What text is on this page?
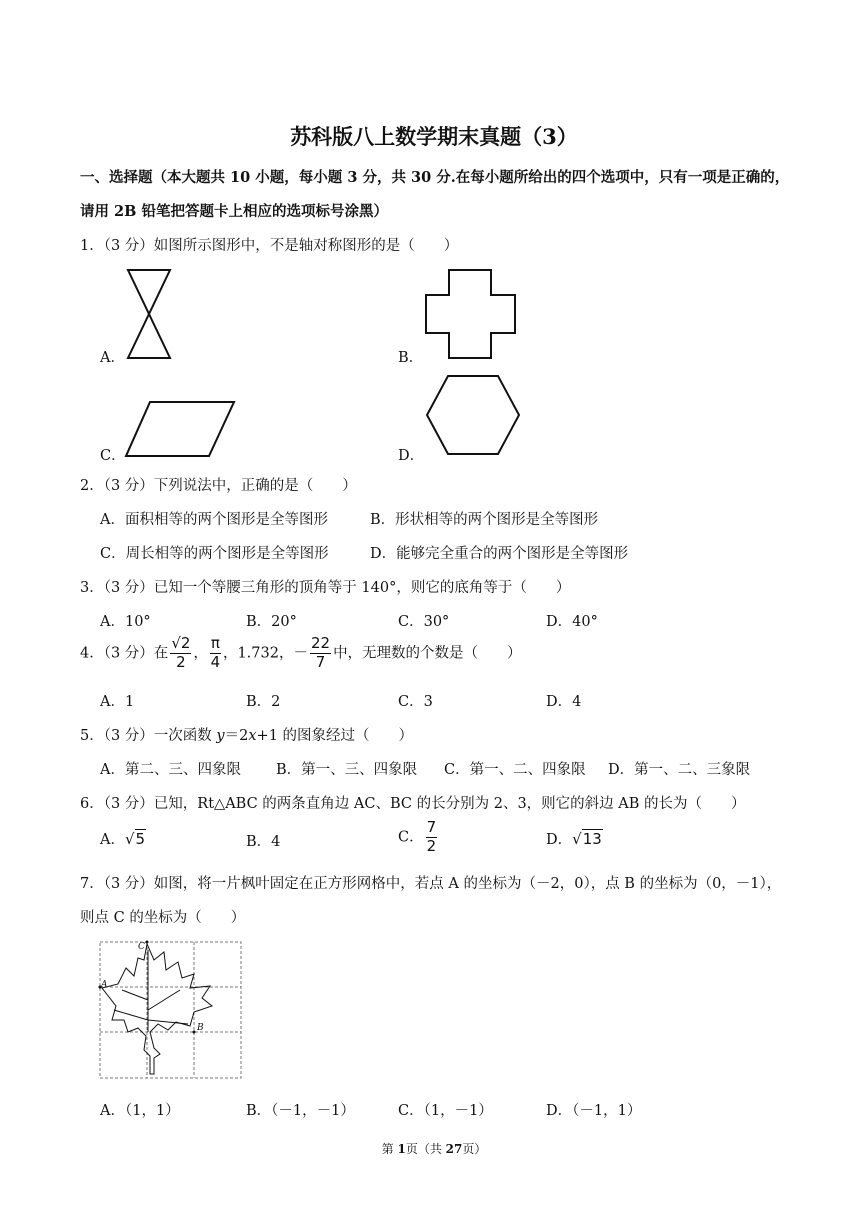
苏科版八上数学期末真题（3）
一、选择题（本大题共 10 小题，每小题 3 分，共 30 分.在每小题所给出的四个选项中，只有一项是正确的，
请用 2B 铅笔把答题卡上相应的选项标号涂黑）
1．（3 分）如图所示图形中，不是轴对称图形的是（　　）
A．	B．
C．	D．
2．（3 分）下列说法中，正确的是（　　）
A．面积相等的两个图形是全等图形	B．形状相等的两个图形是全等图形
C．周长相等的两个图形是全等图形	D．能够完全重合的两个图形是全等图形
3．（3 分）已知一个等腰三角形的顶角等于 140°，则它的底角等于（　　）
A．10°	B．20°	C．30°	D．40°
4．（3 分）在 $\frac{√2}{2}$ ， $\frac{\pi}{4}$ ，1.732，－ $\frac{22}{7}$ 中，无理数的个数是（　　）
A．1	B．2	C．3	D．4
5．（3 分）一次函数 y＝2x+1 的图象经过（　　）
A．第二、三、四象限 B．第一、三、四象限 C．第一、二、四象限 D．第一、二、三象限
6．（3 分）已知，Rt△ABC 的两条直角边 AC、BC 的长分别为 2、3，则它的斜边 AB 的长为（　　）
A．√5	B．4	C． $\frac{7}{2}$	D．√13
7．（3 分）如图，将一片枫叶固定在正方形网格中，若点 A 的坐标为（－2，0），点 B 的坐标为（0，－1），
则点 C 的坐标为（　　）
A
B
C
A．（1，1）	B．（－1，－1）	C．（1，－1）	D．（－1，1）
第 1页（共 27页）
